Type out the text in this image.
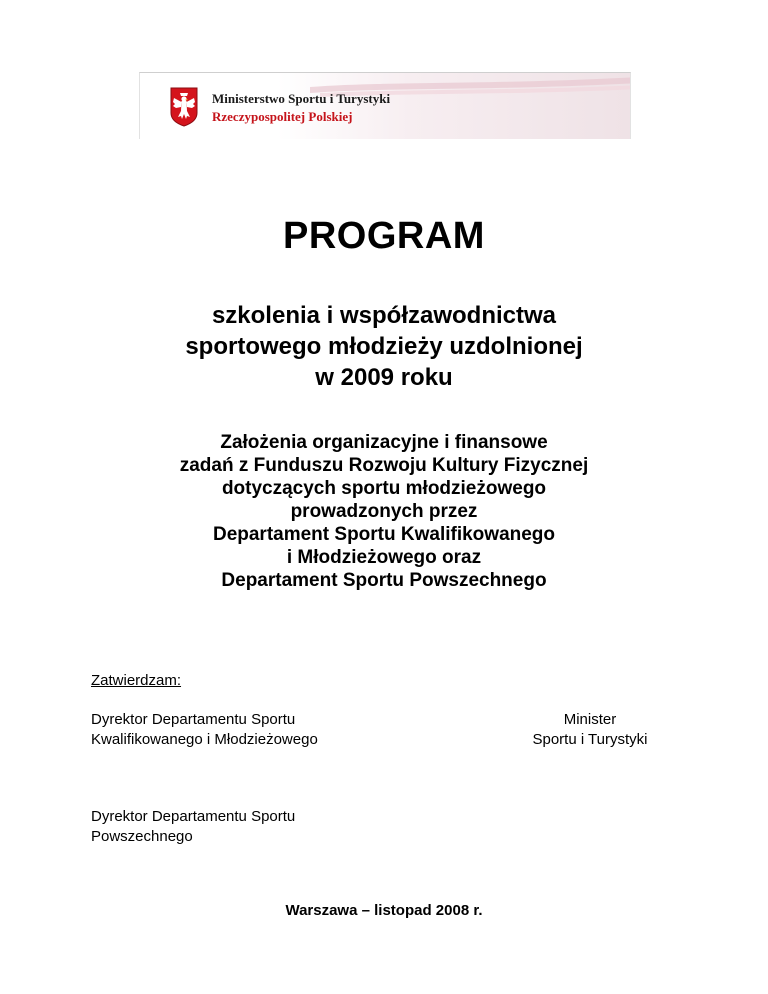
Ministerstwo Sportu i Turystyki
Rzeczypospolitej Polskiej
PROGRAM
szkolenia i współzawodnictwa
sportowego młodzieży uzdolnionej
w 2009 roku
Założenia organizacyjne i finansowe
zadań z Funduszu Rozwoju Kultury Fizycznej
dotyczących sportu młodzieżowego
prowadzonych przez
Departament Sportu Kwalifikowanego
i Młodzieżowego oraz
Departament Sportu Powszechnego
Zatwierdzam:
Dyrektor Departamentu Sportu
Kwalifikowanego i Młodzieżowego
Minister
Sportu i Turystyki
Dyrektor Departamentu Sportu
Powszechnego
Warszawa – listopad 2008 r.
